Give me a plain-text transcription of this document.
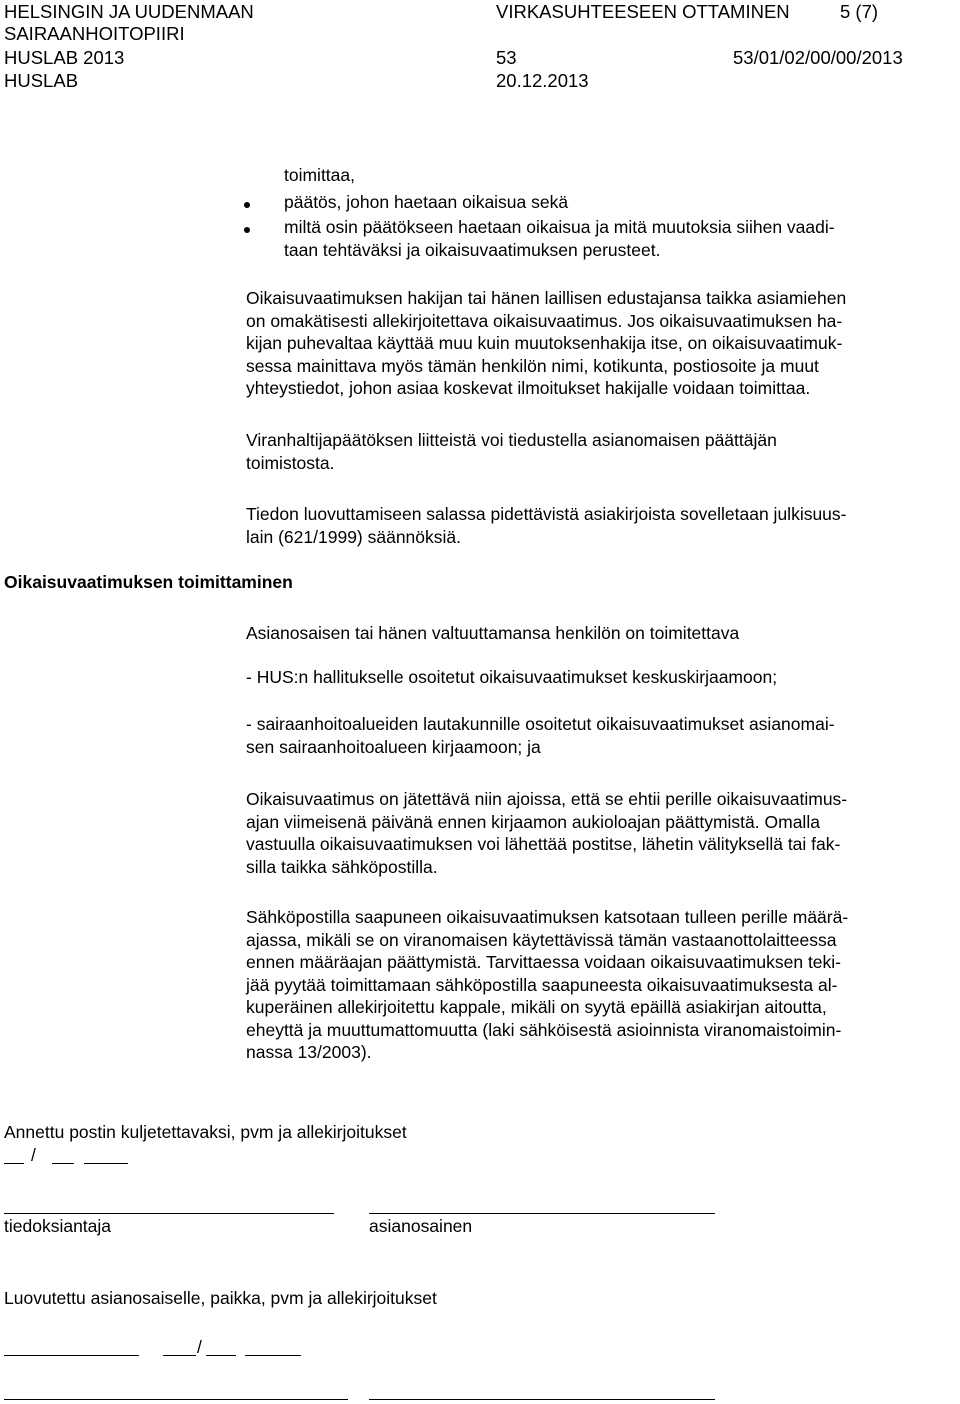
HELSINGIN JA UUDENMAAN
SAIRAANHOITOPIIRI
HUSLAB 2013
HUSLAB
VIRKASUHTEESEEN OTTAMINEN	5 (7)
53
20.12.2013
53/01/02/00/00/2013
toimittaa,
päätös, johon haetaan oikaisua sekä
miltä osin päätökseen haetaan oikaisua ja mitä muutoksia siihen vaadi-
taan tehtäväksi ja oikaisuvaatimuksen perusteet.
Oikaisuvaatimuksen hakijan tai hänen laillisen edustajansa taikka asiamiehen
on omakätisesti allekirjoitettava oikaisuvaatimus. Jos oikaisuvaatimuksen ha-
kijan puhevaltaa käyttää muu kuin muutoksenhakija itse, on oikaisuvaatimuk-
sessa mainittava myös tämän henkilön nimi, kotikunta, postiosoite ja muut
yhteystiedot, johon asiaa koskevat ilmoitukset hakijalle voidaan toimittaa.
Viranhaltijapäätöksen liitteistä voi tiedustella asianomaisen päättäjän
toimistosta.
Tiedon luovuttamiseen salassa pidettävistä asiakirjoista sovelletaan julkisuus-
lain (621/1999) säännöksiä.
Oikaisuvaatimuksen toimittaminen
Asianosaisen tai hänen valtuuttamansa henkilön on toimitettava
- HUS:n hallitukselle osoitetut oikaisuvaatimukset keskuskirjaamoon;
- sairaanhoitoalueiden lautakunnille osoitetut oikaisuvaatimukset asianomai-
sen sairaanhoitoalueen kirjaamoon; ja
Oikaisuvaatimus on jätettävä niin ajoissa, että se ehtii perille oikaisuvaatimus-
ajan viimeisenä päivänä ennen kirjaamon aukioloajan päättymistä. Omalla
vastuulla oikaisuvaatimuksen voi lähettää postitse, lähetin välityksellä tai fak-
silla taikka sähköpostilla.
Sähköpostilla saapuneen oikaisuvaatimuksen katsotaan tulleen perille määrä-
ajassa, mikäli se on viranomaisen käytettävissä tämän vastaanottolaitteessa
ennen määräajan päättymistä. Tarvittaessa voidaan oikaisuvaatimuksen teki-
jää pyytää toimittamaan sähköpostilla saapuneesta oikaisuvaatimuksesta al-
kuperäinen allekirjoitettu kappale, mikäli on syytä epäillä asiakirjan aitoutta,
eheyttä ja muuttumattomuutta (laki sähköisestä asioinnista viranomaistoimin-
nassa 13/2003).
Annettu postin kuljetettavaksi, pvm ja allekirjoitukset
/
tiedoksiantaja	asianosainen
Luovutettu asianosaiselle, paikka, pvm ja allekirjoitukset
/
